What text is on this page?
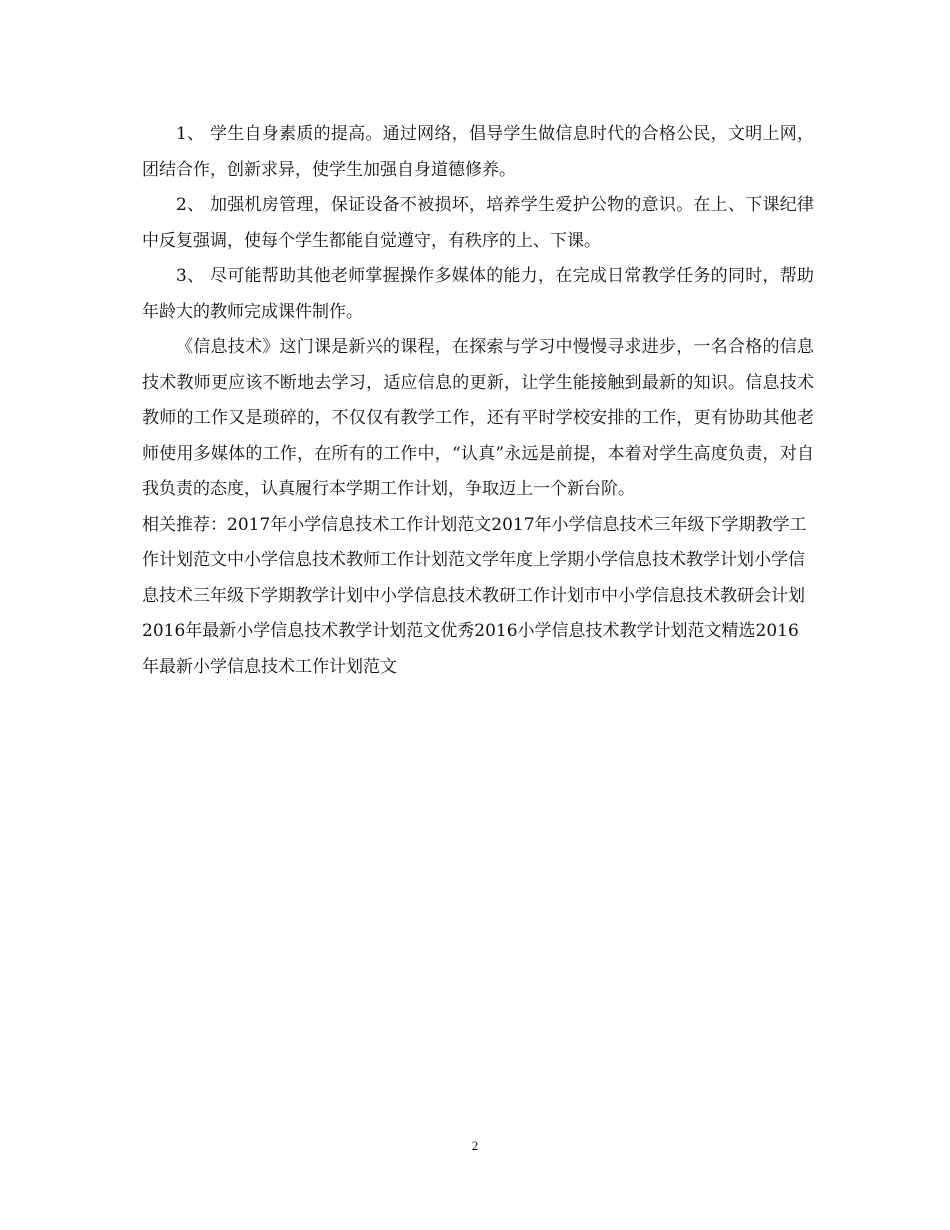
1、 学生自身素质的提高。通过网络，倡导学生做信息时代的合格公民，文明上网，团结合作，创新求异，使学生加强自身道德修养。

2、 加强机房管理，保证设备不被损坏，培养学生爱护公物的意识。在上、下课纪律中反复强调，使每个学生都能自觉遵守，有秩序的上、下课。

3、 尽可能帮助其他老师掌握操作多媒体的能力，在完成日常教学任务的同时，帮助年龄大的教师完成课件制作。

《信息技术》这门课是新兴的课程，在探索与学习中慢慢寻求进步，一名合格的信息技术教师更应该不断地去学习，适应信息的更新，让学生能接触到最新的知识。信息技术教师的工作又是琐碎的，不仅仅有教学工作，还有平时学校安排的工作，更有协助其他老师使用多媒体的工作，在所有的工作中，“认真”永远是前提，本着对学生高度负责，对自我负责的态度，认真履行本学期工作计划，争取迈上一个新台阶。

相关推荐：2017年小学信息技术工作计划范文2017年小学信息技术三年级下学期教学工作计划范文中小学信息技术教师工作计划范文学年度上学期小学信息技术教学计划小学信息技术三年级下学期教学计划中小学信息技术教研工作计划市中小学信息技术教研会计划2016年最新小学信息技术教学计划范文优秀2016小学信息技术教学计划范文精选2016年最新小学信息技术工作计划范文

2
